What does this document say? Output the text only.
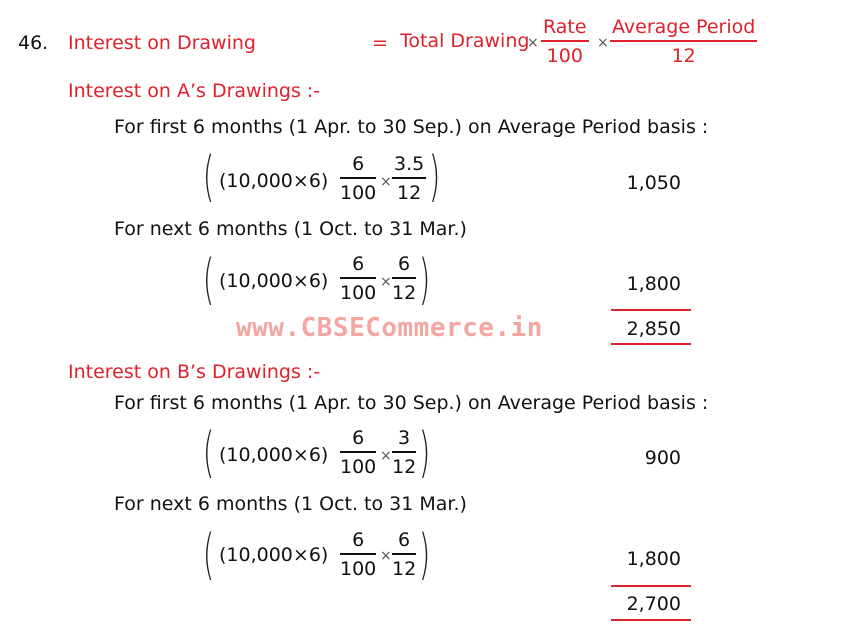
46. Interest on Drawing	= Total Drawing
×
Rate
100
×
Average Period
12
Interest on A’s Drawings :-
For first 6 months (1 Apr. to 30 Sep.) on Average Period basis :
( (10,000×6)
6
100 ×
3.5
12 )	1,050
For next 6 months (1 Oct. to 31 Mar.)
( (10,000×6)
6
100 ×
6
12 )	1,800
2,850
www.CBSECommerce.in
Interest on B’s Drawings :-
For first 6 months (1 Apr. to 30 Sep.) on Average Period basis :
( (10,000×6)
6
100 ×
3
12 )	900
For next 6 months (1 Oct. to 31 Mar.)
( (10,000×6)
6
100
×
6
12 )	1,800
2,700
